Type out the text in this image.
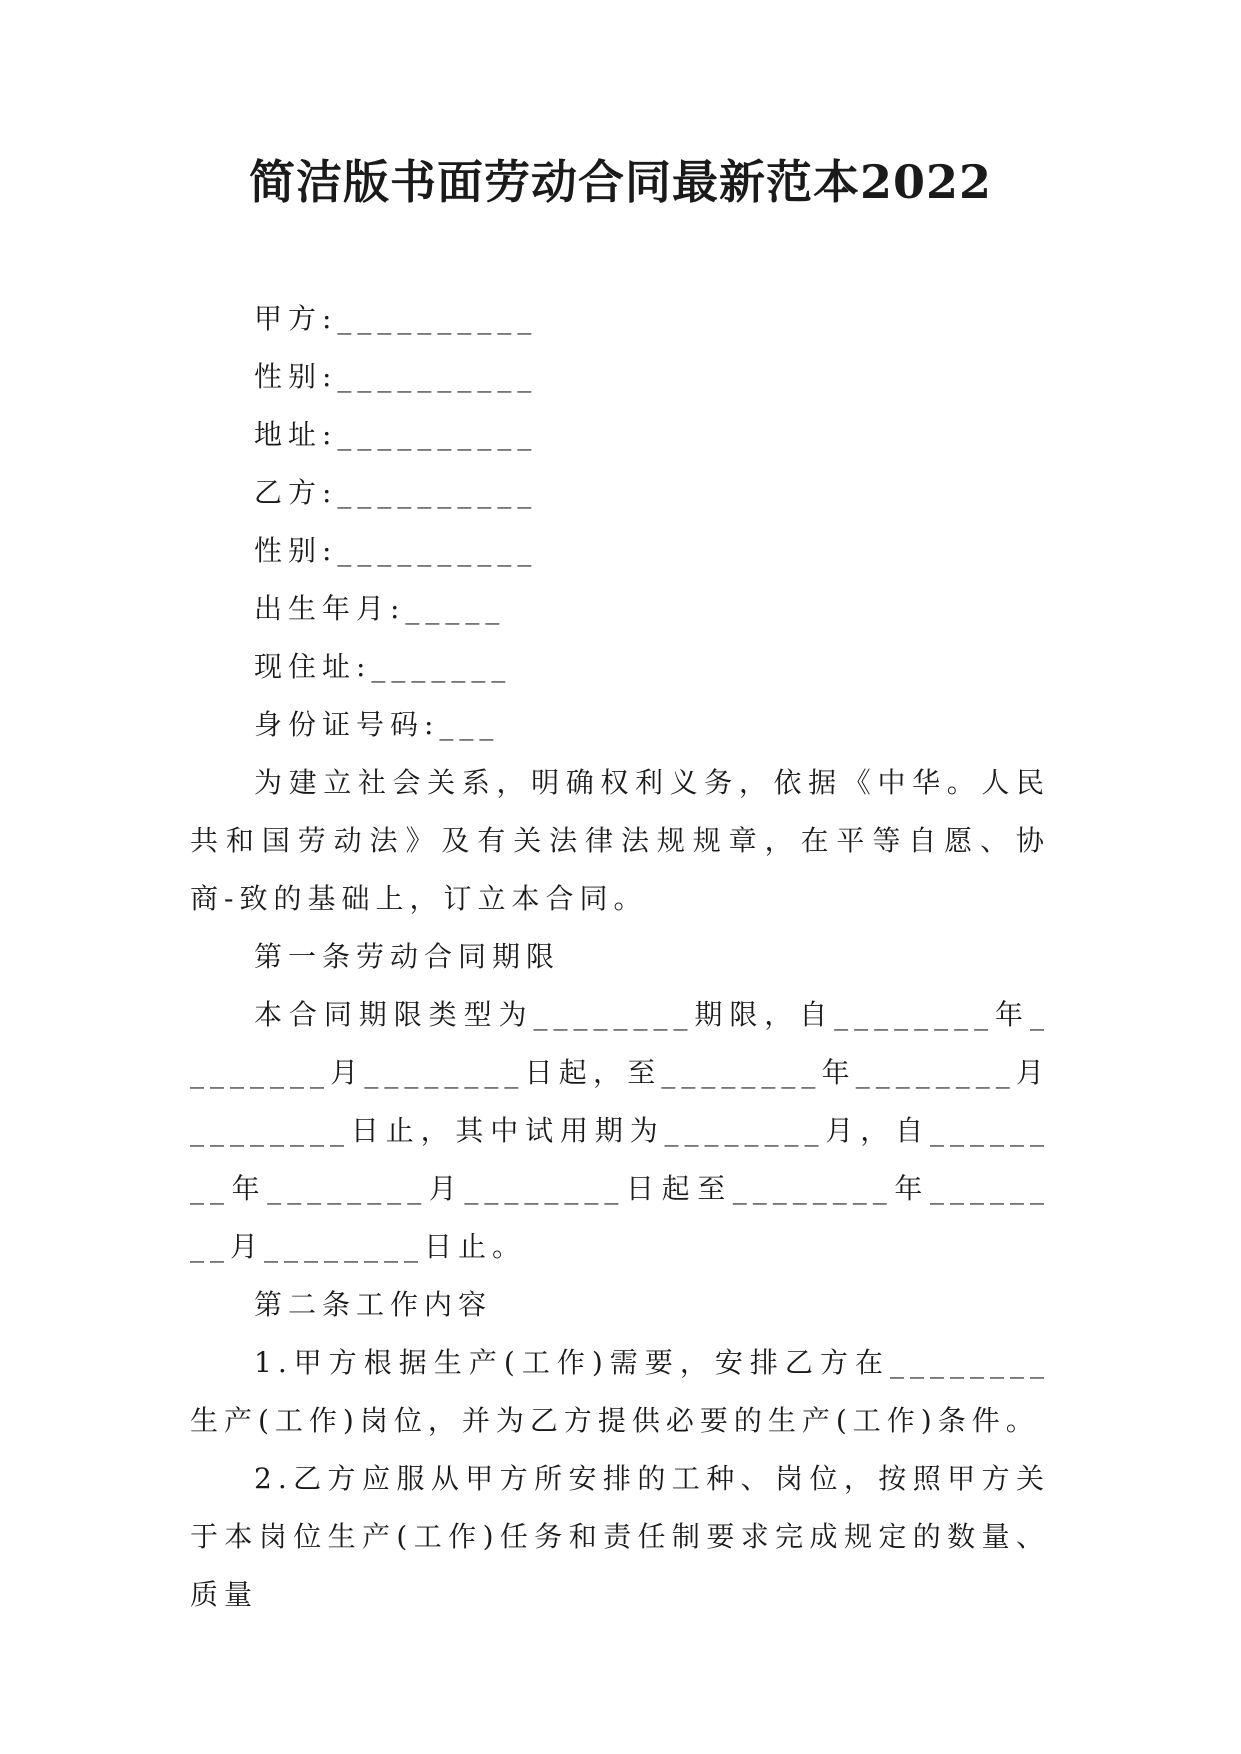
简洁版书面劳动合同最新范本2022
甲方:__________
性别:__________
地址:__________
乙方:__________
性别:__________
出生年月:_____
现住址:_______
身份证号码:___
为建立社会关系，明确权利义务，依据《中华。人民共和国劳动法》及有关法律法规规章，在平等自愿、协商-致的基础上，订立本合同。
第一条劳动合同期限
本合同期限类型为________期限，自________年________月________日起，至________年________月________日止，其中试用期为________月，自________年________月________日起至________年________月________日止。
第二条工作内容
1.甲方根据生产(工作)需要，安排乙方在________生产(工作)岗位，并为乙方提供必要的生产(工作)条件。
2.乙方应服从甲方所安排的工种、岗位，按照甲方关于本岗位生产(工作)任务和责任制要求完成规定的数量、质量
